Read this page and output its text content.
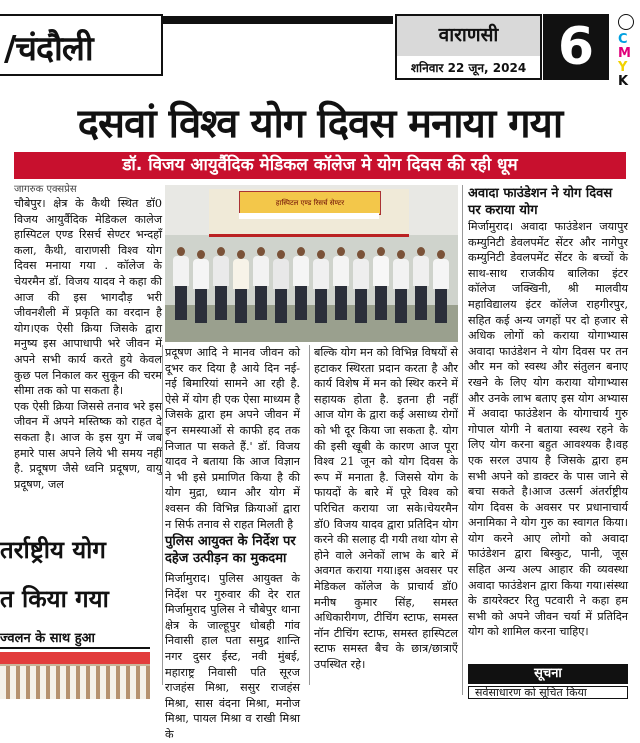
/चंदौली	वाराणसी
शनिवार 22 जून, 2024 6	C
M
Y
K
दसवां विश्व योग दिवस मनाया गया
डॉ. विजय आयुर्वैदिक मेडिकल कॉलेज मे योग दिवस की रही धूम
जागरुक एक्सप्रेस

चौबेपुर। क्षेत्र के कैथी स्थित डॉ0 विजय आयुर्वैदिक मेडिकल कालेज हास्पिटल एण्ड रिसर्च सेण्टर भन्दहाँ कला, कैथी, वाराणसी विश्व योग दिवस मनाया गया . कॉलेज के चेयरमैन डॉ. विजय यादव ने कहा की आज की इस भागदौड़ भरी जीवनशैली में प्रकृति का वरदान है योग।एक ऐसी क्रिया जिसके द्वारा मनुष्य इस आपाधापी भरे जीवन में अपने सभी कार्य करते हुये केवल कुछ पल निकाल कर सुकून की चरम सीमा तक को पा सकता है।

एक ऐसी क्रिया जिससे तनाव भरे इस जीवन में अपने मस्तिष्क को राहत दे सकता है। आज के इस युग में जब हमारे पास अपने लिये भी समय नहीं है. प्रदूषण जैसे ध्वनि प्रदूषण, वायु प्रदूषण, जल

हास्पिटल एण्ड रिसर्च सेण्टर

प्रदूषण आदि ने मानव जीवन को दूभर कर दिया है आये दिन नई-नई बिमारियां सामने आ रही है. ऐसे में योग ही एक ऐसा माध्यम है जिसके द्वारा हम अपने जीवन में इन समस्याओं से काफी हद तक निजात पा सकते हैं.' डॉ. विजय यादव ने बताया कि आज विज्ञान ने भी इसे प्रमाणित किया है की योग मुद्रा, ध्यान और योग में श्वसन की विभिन्न क्रियाओं द्वारा न सिर्फ तनाव से राहत मिलती है

पुलिस आयुक्त के निर्देश पर दहेज उत्पीड़न का मुकदमा

मिर्जामुराद। पुलिस आयुक्त के निर्देश पर गुरुवार की देर रात मिर्जामुराद पुलिस ने चौबेपुर थाना क्षेत्र के जाल्हूपुर धोबही गांव निवासी हाल पता समुद्र शान्ति नगर दुसर ईस्ट, नवी मुंबई, महाराष्ट्र निवासी पति सूरज राजहंस मिश्रा, ससुर राजहंस मिश्रा, सास वंदना मिश्रा, मनोज मिश्रा, पायल मिश्रा व राखी मिश्रा के

बल्कि योग मन को विभिन्न विषयों से हटाकर स्थिरता प्रदान करता है और कार्य विशेष में मन को स्थिर करने में सहायक होता है. इतना ही नहीं आज योग के द्वारा कई असाध्य रोगों को भी दूर किया जा सकता है. योग की इसी खूबी के कारण आज पूरा विश्व 21 जून को योग दिवस के रूप में मनाता है. जिससे योग के फायदों के बारे में पूरे विश्व को परिचित कराया जा सके।चेयरमैन डॉ0 विजय यादव द्वारा प्रतिदिन योग करने की सलाह दी गयी तथा योग से होने वाले अनेकों लाभ के बारे में अवगत कराया गया।इस अवसर पर मेडिकल कॉलेज के प्राचार्य डॉ0 मनीष कुमार सिंह, समस्त अधिकारीगण, टीचिंग स्टाफ, समस्त नॉन टीचिंग स्टाफ, समस्त हास्पिटल स्टाफ समस्त बैच के छात्र/छात्राएँ उपस्थित रहे।

अवादा फाउंडेशन ने योग दिवस पर कराया योग

मिर्जामुराद। अवादा फाउंडेशन जयापुर कम्युनिटी डेवलपमेंट सेंटर और नागेपुर कम्युनिटी डेवलपमेंट सेंटर के बच्चों के साथ-साथ राजकीय बालिका इंटर कॉलेज जक्खिनी, श्री मालवीय महाविद्यालय इंटर कॉलेज राहगीरपुर, सहित कई अन्य जगहों पर दो हजार से अधिक लोगों को कराया योगाभ्यास अवादा फाउंडेशन ने योग दिवस पर तन और मन को स्वस्थ और संतुलन बनाए रखने के लिए योग कराया योगाभ्यास और उनके लाभ बताए इस योग अभ्यास में अवादा फाउंडेशन के योगाचार्य गुरु गोपाल योगी ने बताया स्वस्थ रहने के लिए योग करना बहुत आवश्यक है।वह एक सरल उपाय है जिसके द्वारा हम सभी अपने को डाक्टर के पास जाने से बचा सकते है।आज उत्सर्ग अंतर्राष्ट्रीय योग दिवस के अवसर पर प्रधानाचार्य अनामिका ने योग गुरु का स्वागत किया।योग करने आए लोगो को अवादा फाउंडेशन द्वारा बिस्कुट, पानी, जूस सहित अन्य अल्प आहार की व्यवस्था अवादा फाउंडेशन द्वारा किया गया।संस्था के डायरेक्टर रितु पटवारी ने कहा हम सभी को अपने जीवन चर्या में प्रतिदिन योग को शामिल करना चाहिए।

तर्राष्ट्रीय योग
त किया गया
ज्वलन के साथ हुआ
सूचना
सर्वसाधारण को सूचित किया
